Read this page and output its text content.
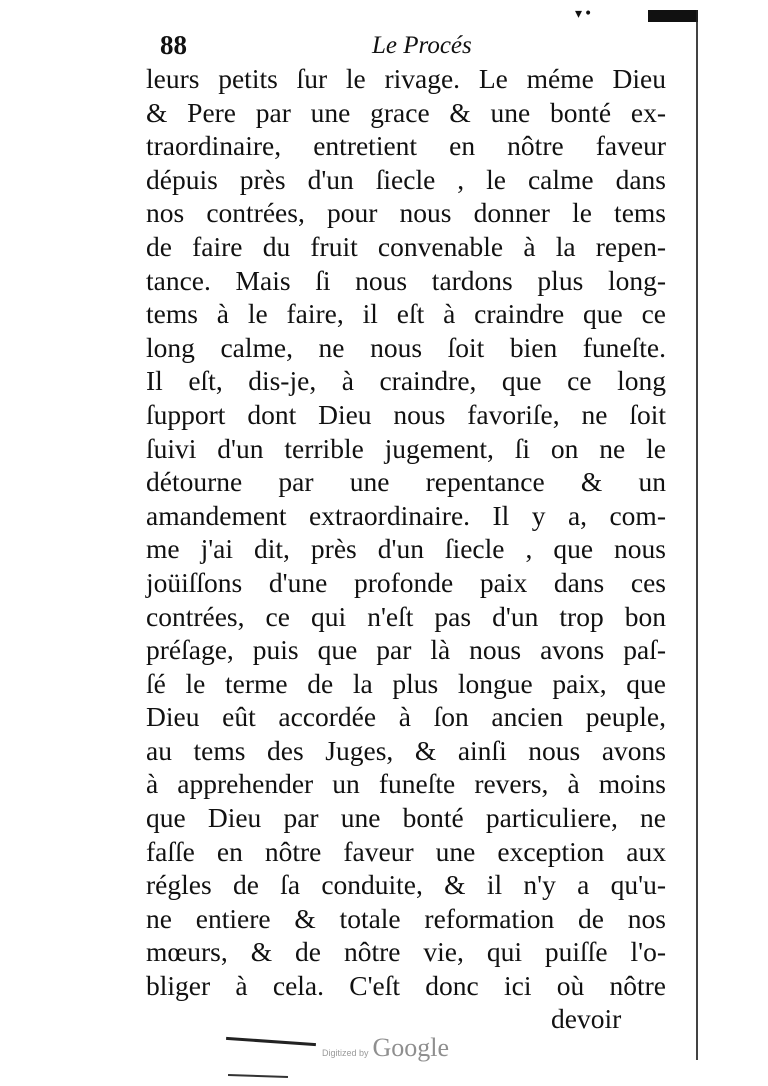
▾•
88	Le Procés
leurs petits ſur le rivage. Le méme Dieu
& Pere par une grace & une bonté ex-
traordinaire, entretient en nôtre faveur
dépuis près d'un ſiecle , le calme dans
nos contrées, pour nous donner le tems
de faire du fruit convenable à la repen-
tance. Mais ſi nous tardons plus long-
tems à le faire, il eſt à craindre que ce
long calme, ne nous ſoit bien funeſte.
Il eſt, dis-je, à craindre, que ce long
ſupport dont Dieu nous favoriſe, ne ſoit
ſuivi d'un terrible jugement, ſi on ne le
détourne par une repentance & un
amandement extraordinaire. Il y a, com-
me j'ai dit, près d'un ſiecle , que nous
joüiſſons d'une profonde paix dans ces
contrées, ce qui n'eſt pas d'un trop bon
préſage, puis que par là nous avons paſ-
ſé le terme de la plus longue paix, que
Dieu eût accordée à ſon ancien peuple,
au tems des Juges, & ainſi nous avons
à apprehender un funeſte revers, à moins
que Dieu par une bonté particuliere, ne
faſſe en nôtre faveur une exception aux
régles de ſa conduite, & il n'y a qu'u-
ne entiere & totale reformation de nos
mœurs, & de nôtre vie, qui puiſſe l'o-
bliger à cela. C'eſt donc ici où nôtre
devoir
Digitized by Google
